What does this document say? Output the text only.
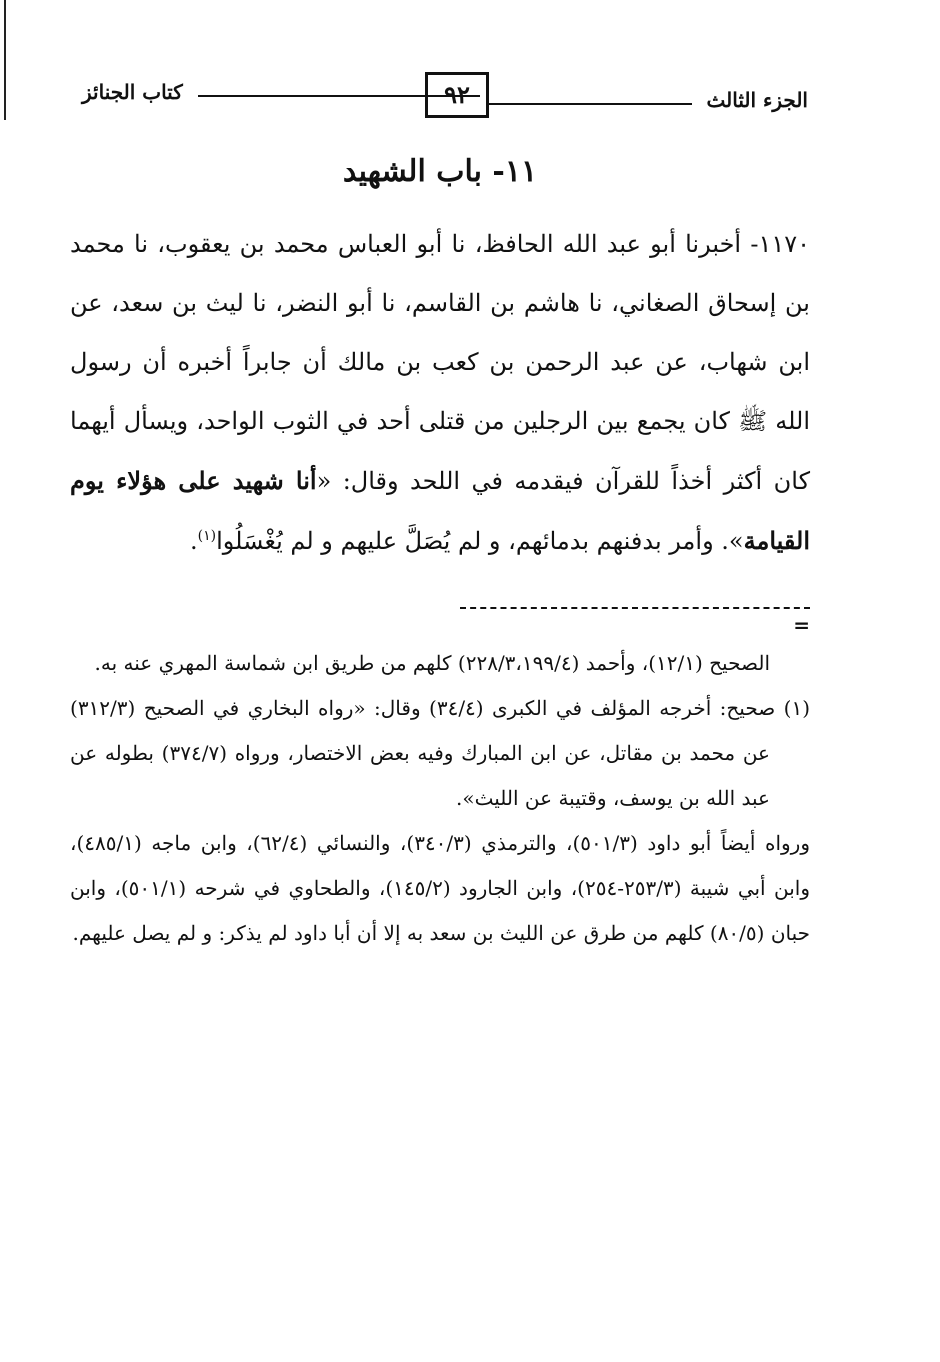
الجزء الثالث
٩٢
كتاب الجنائز
١١- باب الشهيد

١١٧٠- أخبرنا أبو عبد الله الحافظ، نا أبو العباس محمد بن يعقوب، نا محمد بن إسحاق الصغاني، نا هاشم بن القاسم، نا أبو النضر، نا ليث بن سعد، عن ابن شهاب، عن عبد الرحمن بن كعب بن مالك أن جابراً أخبره أن رسول الله ﷺ كان يجمع بين الرجلين من قتلى أحد في الثوب الواحد، ويسأل أيهما كان أكثر أخذاً للقرآن فيقدمه في اللحد وقال: «أنا شهيد على هؤلاء يوم القيامة». وأمر بدفنهم بدمائهم، و لم يُصَلَّ عليهم و لم يُغْسَلُوا$^{(١)}$.

=

الصحيح (١٢/١)، وأحمد (٢٢٨/٣،١٩٩/٤) كلهم من طريق ابن شماسة المهري عنه به.

(١) صحيح: أخرجه المؤلف في الكبرى (٣٤/٤) وقال: «رواه البخاري في الصحيح (٣١٢/٣) عن محمد بن مقاتل، عن ابن المبارك وفيه بعض الاختصار، ورواه (٣٧٤/٧) بطوله عن عبد الله بن يوسف، وقتيبة عن الليث».

ورواه أيضاً أبو داود (٥٠١/٣)، والترمذي (٣٤٠/٣)، والنسائي (٦٢/٤)، وابن ماجه (٤٨٥/١)، وابن أبي شيبة (٢٥٣/٣-٢٥٤)، وابن الجارود (١٤٥/٢)، والطحاوي في شرحه (٥٠١/١)، وابن حبان (٨٠/٥) كلهم من طرق عن الليث بن سعد به إلا أن أبا داود لم يذكر: و لم يصل عليهم.
